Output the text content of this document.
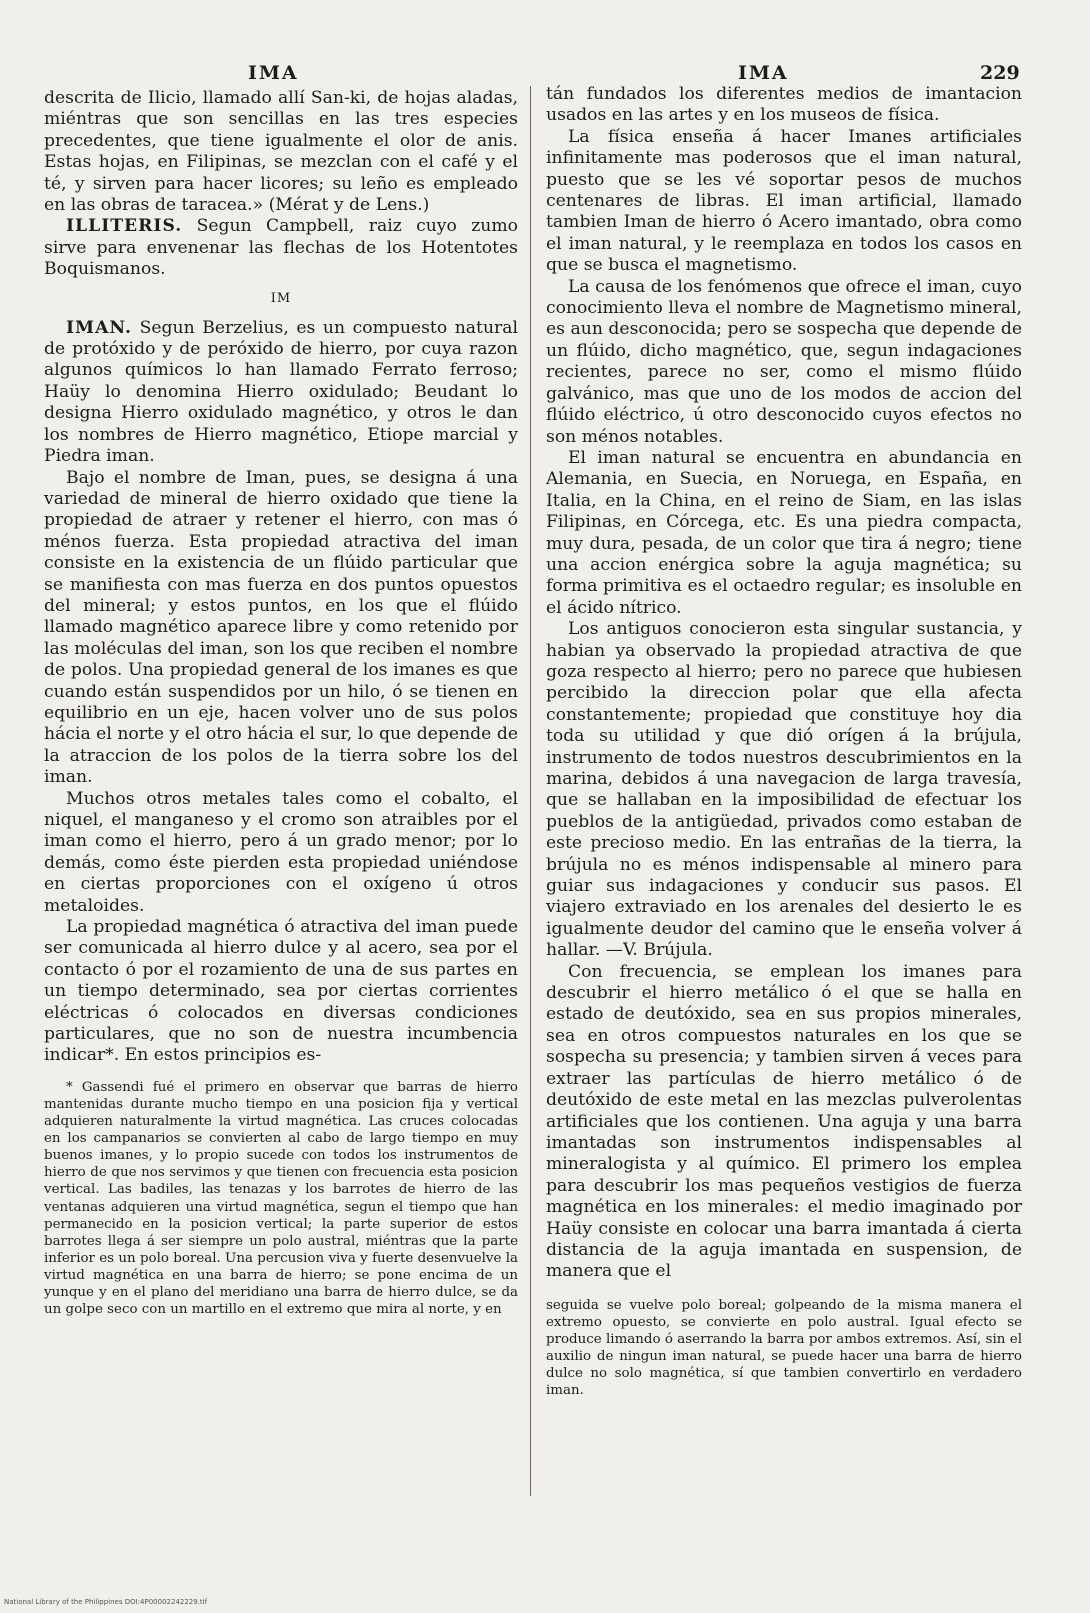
IMA	IMA	229

descrita de Ilicio, llamado allí San-ki, de hojas aladas, miéntras que son sencillas en las tres especies precedentes, que tiene igualmente el olor de anis. Estas hojas, en Filipinas, se mezclan con el café y el té, y sirven para hacer licores; su leño es empleado en las obras de taracea.» (Mérat y de Lens.)

ILLITERIS. Segun Campbell, raiz cuyo zumo sirve para envenenar las flechas de los Hotentotes Boquismanos.

IM

IMAN. Segun Berzelius, es un compuesto natural de protóxido y de peróxido de hierro, por cuya razon algunos químicos lo han llamado Ferrato ferroso; Haüy lo denomina Hierro oxidulado; Beudant lo designa Hierro oxidulado magnético, y otros le dan los nombres de Hierro magnético, Etiope marcial y Piedra iman.

Bajo el nombre de Iman, pues, se designa á una variedad de mineral de hierro oxidado que tiene la propiedad de atraer y retener el hierro, con mas ó ménos fuerza. Esta propiedad atractiva del iman consiste en la existencia de un flúido particular que se manifiesta con mas fuerza en dos puntos opuestos del mineral; y estos puntos, en los que el flúido llamado magnético aparece libre y como retenido por las moléculas del iman, son los que reciben el nombre de polos. Una propiedad general de los imanes es que cuando están suspendidos por un hilo, ó se tienen en equilibrio en un eje, hacen volver uno de sus polos hácia el norte y el otro hácia el sur, lo que depende de la atraccion de los polos de la tierra sobre los del iman.

Muchos otros metales tales como el cobalto, el niquel, el manganeso y el cromo son atraibles por el iman como el hierro, pero á un grado menor; por lo demás, como éste pierden esta propiedad uniéndose en ciertas proporciones con el oxígeno ú otros metaloides.

La propiedad magnética ó atractiva del iman puede ser comunicada al hierro dulce y al acero, sea por el contacto ó por el rozamiento de una de sus partes en un tiempo determinado, sea por ciertas corrientes eléctricas ó colocados en diversas condiciones particulares, que no son de nuestra incumbencia indicar*. En estos principios es-

* Gassendi fué el primero en observar que barras de hierro mantenidas durante mucho tiempo en una posicion fija y vertical adquieren naturalmente la virtud magnética. Las cruces colocadas en los campanarios se convierten al cabo de largo tiempo en muy buenos imanes, y lo propio sucede con todos los instrumentos de hierro de que nos servimos y que tienen con frecuencia esta posicion vertical. Las badiles, las tenazas y los barrotes de hierro de las ventanas adquieren una virtud magnética, segun el tiempo que han permanecido en la posicion vertical; la parte superior de estos barrotes llega á ser siempre un polo austral, miéntras que la parte inferior es un polo boreal. Una percusion viva y fuerte desenvuelve la virtud magnética en una barra de hierro; se pone encima de un yunque y en el plano del meridiano una barra de hierro dulce, se da un golpe seco con un martillo en el extremo que mira al norte, y en

tán fundados los diferentes medios de imantacion usados en las artes y en los museos de física.

La física enseña á hacer Imanes artificiales infinitamente mas poderosos que el iman natural, puesto que se les vé soportar pesos de muchos centenares de libras. El iman artificial, llamado tambien Iman de hierro ó Acero imantado, obra como el iman natural, y le reemplaza en todos los casos en que se busca el magnetismo.

La causa de los fenómenos que ofrece el iman, cuyo conocimiento lleva el nombre de Magnetismo mineral, es aun desconocida; pero se sospecha que depende de un flúido, dicho magnético, que, segun indagaciones recientes, parece no ser, como el mismo flúido galvánico, mas que uno de los modos de accion del flúido eléctrico, ú otro desconocido cuyos efectos no son ménos notables.

El iman natural se encuentra en abundancia en Alemania, en Suecia, en Noruega, en España, en Italia, en la China, en el reino de Siam, en las islas Filipinas, en Córcega, etc. Es una piedra compacta, muy dura, pesada, de un color que tira á negro; tiene una accion enérgica sobre la aguja magnética; su forma primitiva es el octaedro regular; es insoluble en el ácido nítrico.

Los antiguos conocieron esta singular sustancia, y habian ya observado la propiedad atractiva de que goza respecto al hierro; pero no parece que hubiesen percibido la direccion polar que ella afecta constantemente; propiedad que constituye hoy dia toda su utilidad y que dió orígen á la brújula, instrumento de todos nuestros descubrimientos en la marina, debidos á una navegacion de larga travesía, que se hallaban en la imposibilidad de efectuar los pueblos de la antigüedad, privados como estaban de este precioso medio. En las entrañas de la tierra, la brújula no es ménos indispensable al minero para guiar sus indagaciones y conducir sus pasos. El viajero extraviado en los arenales del desierto le es igualmente deudor del camino que le enseña volver á hallar. —V. Brújula.

Con frecuencia, se emplean los imanes para descubrir el hierro metálico ó el que se halla en estado de deutóxido, sea en sus propios minerales, sea en otros compuestos naturales en los que se sospecha su presencia; y tambien sirven á veces para extraer las partículas de hierro metálico ó de deutóxido de este metal en las mezclas pulverolentas artificiales que los contienen. Una aguja y una barra imantadas son instrumentos indispensables al mineralogista y al químico. El primero los emplea para descubrir los mas pequeños vestigios de fuerza magnética en los minerales: el medio imaginado por Haüy consiste en colocar una barra imantada á cierta distancia de la aguja imantada en suspension, de manera que el

seguida se vuelve polo boreal; golpeando de la misma manera el extremo opuesto, se convierte en polo austral. Igual efecto se produce limando ó aserrando la barra por ambos extremos. Así, sin el auxilio de ningun iman natural, se puede hacer una barra de hierro dulce no solo magnética, sí que tambien convertirlo en verdadero iman.

National Library of the Philippines DOI:4P00002242229.tif
